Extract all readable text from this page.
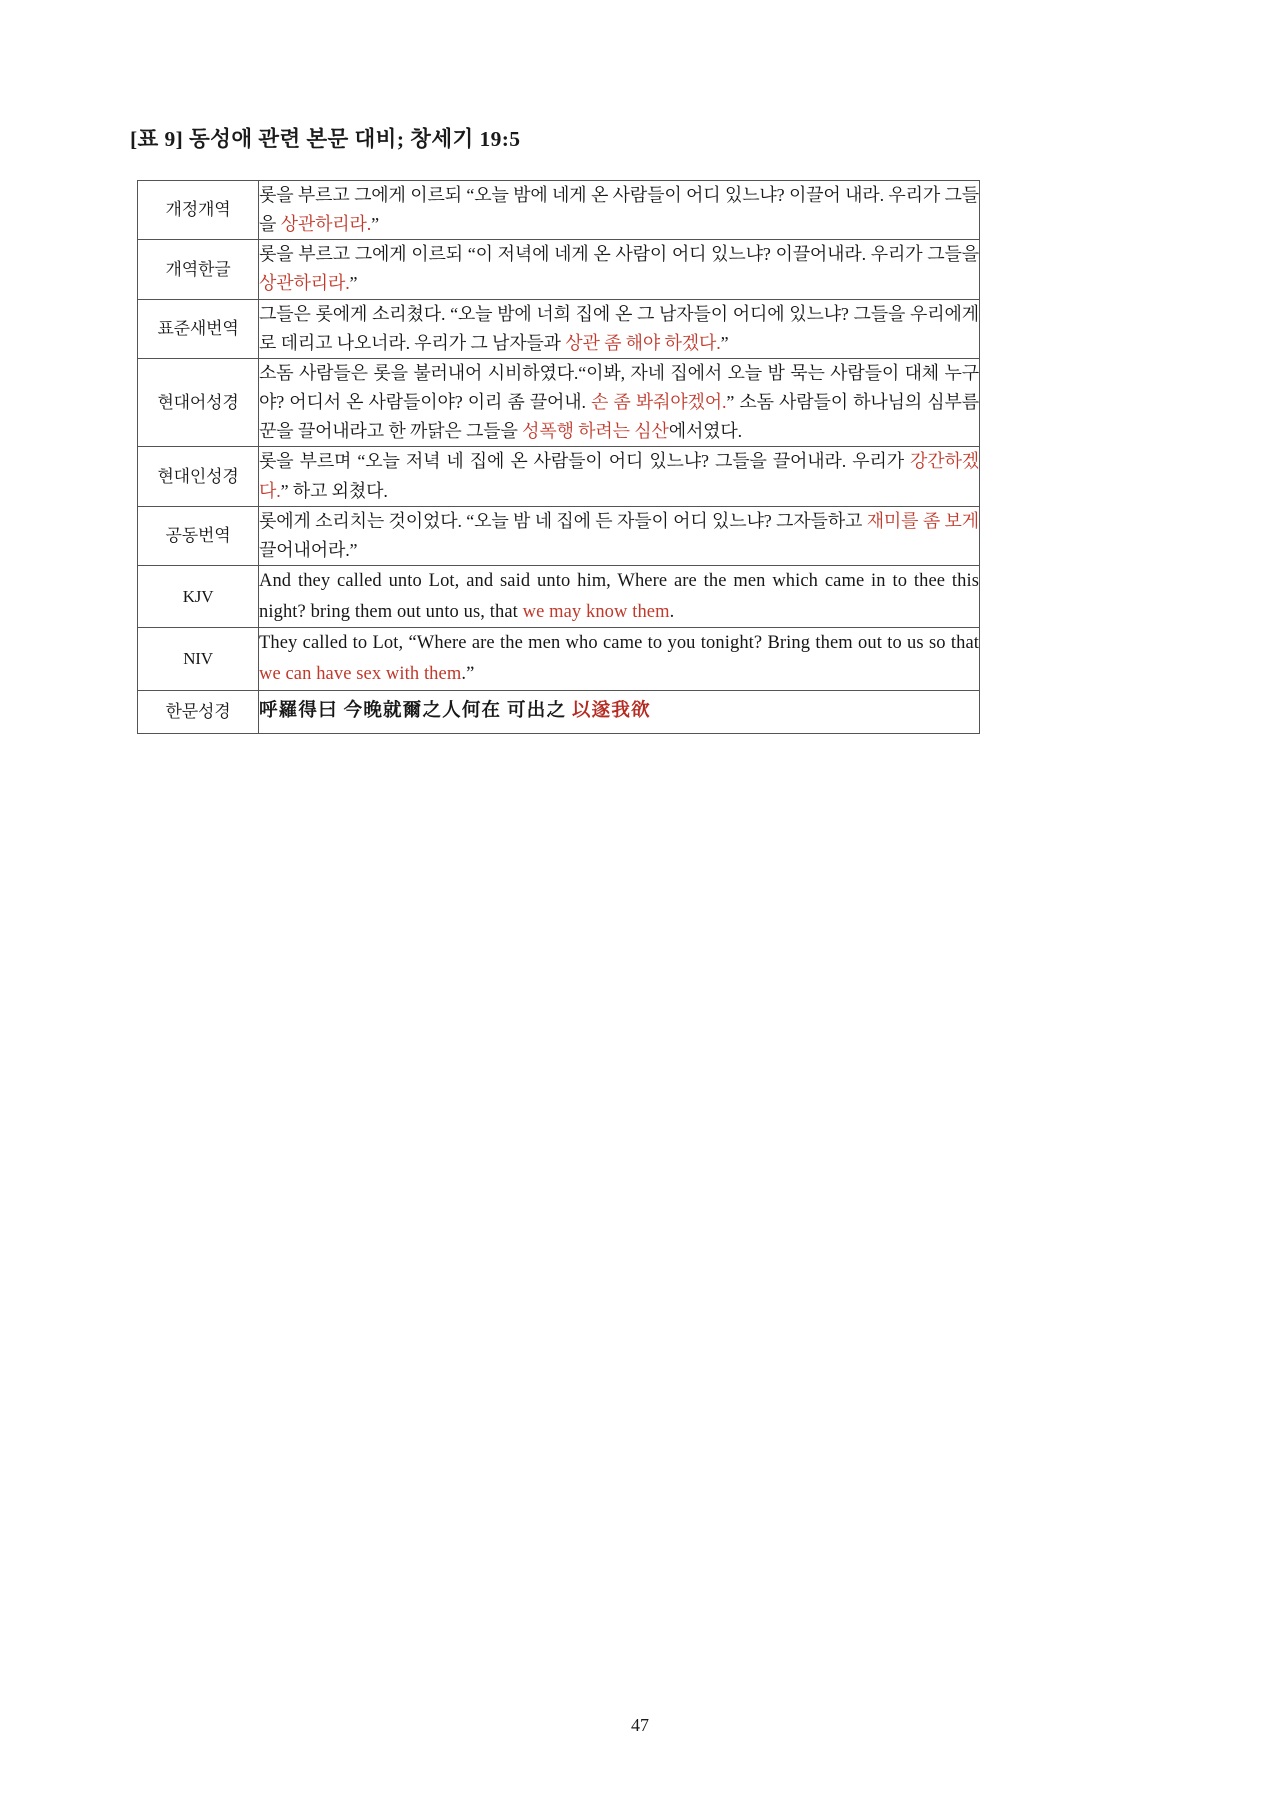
[표 9] 동성애 관련 본문 대비; 창세기 19:5
개정개역	롯을 부르고 그에게 이르되 “오늘 밤에 네게 온 사람들이 어디 있느냐? 이끌어 내라. 우리가 그들을 상관하리라.”
개역한글	롯을 부르고 그에게 이르되 “이 저녁에 네게 온 사람이 어디 있느냐? 이끌어내라. 우리가 그들을 상관하리라.”
표준새번역	그들은 롯에게 소리쳤다. “오늘 밤에 너희 집에 온 그 남자들이 어디에 있느냐? 그들을 우리에게로 데리고 나오너라. 우리가 그 남자들과 상관 좀 해야 하겠다.”
현대어성경	소돔 사람들은 롯을 불러내어 시비하였다.“이봐, 자네 집에서 오늘 밤 묵는 사람들이 대체 누구야? 어디서 온 사람들이야? 이리 좀 끌어내. 손 좀 봐줘야겠어.” 소돔 사람들이 하나님의 심부름꾼을 끌어내라고 한 까닭은 그들을 성폭행 하려는 심산에서였다.
현대인성경	롯을 부르며 “오늘 저녁 네 집에 온 사람들이 어디 있느냐? 그들을 끌어내라. 우리가 강간하겠다.” 하고 외쳤다.
공동번역	롯에게 소리치는 것이었다. “오늘 밤 네 집에 든 자들이 어디 있느냐? 그자들하고 재미를 좀 보게 끌어내어라.”
KJV	And they called unto Lot, and said unto him, Where are the men which came in to thee this night? bring them out unto us, that we may know them.
NIV	They called to Lot, “Where are the men who came to you tonight? Bring them out to us so that we can have sex with them.”
한문성경	呼羅得曰 今晚就爾之人何在 可出之 以遂我欲
47
